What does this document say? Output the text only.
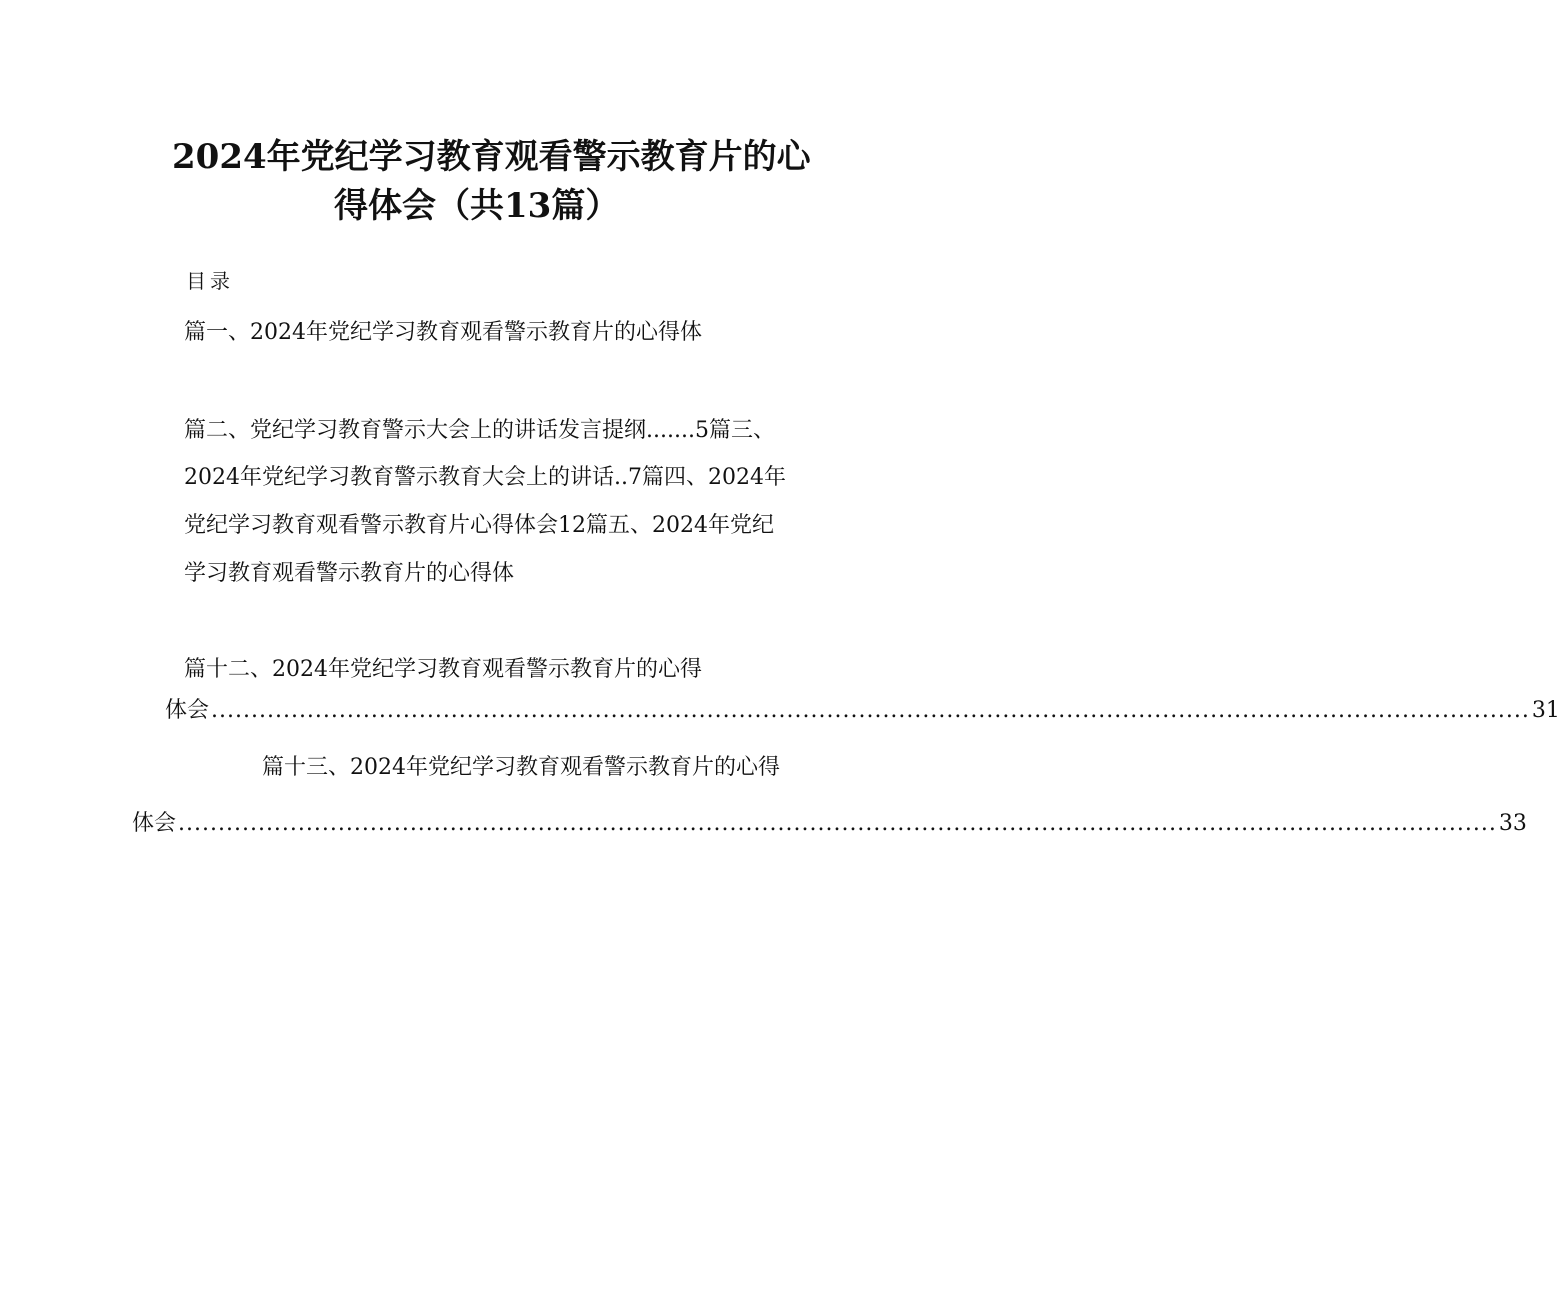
2024年党纪学习教育观看警示教育片的心
得体会（共13篇）
目录
篇一、2024年党纪学习教育观看警示教育片的心得体
篇二、党纪学习教育警示大会上的讲话发言提纲.......5篇三、
2024年党纪学习教育警示教育大会上的讲话..7篇四、2024年
党纪学习教育观看警示教育片心得体会12篇五、2024年党纪
学习教育观看警示教育片的心得体
篇十二、2024年党纪学习教育观看警示教育片的心得
体会 ..................................................................................................................................................................... 31
篇十三、2024年党纪学习教育观看警示教育片的心得
体会 ..................................................................................................................................................................... 33
